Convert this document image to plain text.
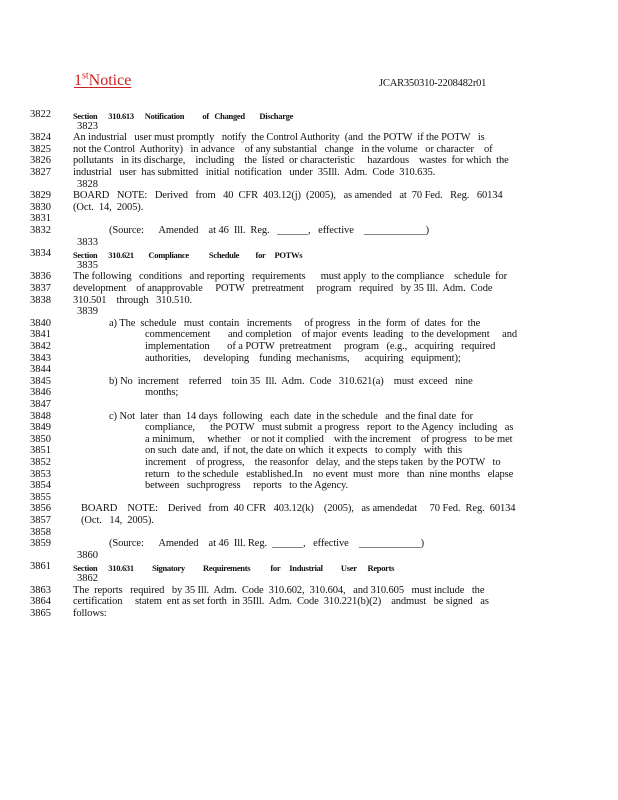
1stNotice	JCAR350310-2208482r01
3822	Section      310.613      Notification          of   Changed        Discharge
3823
3824 An industrial   user must promptly   notify  the Control Authority  (and  the POTW  if the POTW   is
3825 not the Control  Authority)   in advance    of any substantial   change   in the volume   or character    of
3826 pollutants   in its discharge,    including    the  listed  or characteristic     hazardous    wastes  for which  the
3827 industrial   user  has submitted   initial  notification   under  35Ill.  Adm.  Code  310.635.
3828
3829 BOARD   NOTE:   Derived   from   40  CFR  403.12(j)  (2005),   as amended   at  70 Fed.   Reg.   60134
3830 (Oct.  14,  2005).
3831
3832	(Source:      Amended    at 46  Ill.  Reg.   ______,   effective    ____________)
3833
3834	Section      310.621        Compliance           Schedule         for     POTWs
3835
3836 The following   conditions   and reporting   requirements      must apply  to the compliance    schedule  for
3837 development    of anapprovable     POTW   pretreatment     program   required   by 35 Ill.  Adm.  Code
3838 310.501    through   310.510.
3839
3840	a) The  schedule   must  contain   increments     of progress   in the  form  of  dates  for  the
3841	commencement       and completion    of major  events  leading   to the development     and
3842	implementation       of a POTW  pretreatment     program   (e.g.,   acquiring   required
3843	authorities,     developing    funding  mechanisms,      acquiring   equipment);
3844
3845	b) No  increment    referred    toin 35  Ill.  Adm.  Code   310.621(a)    must  exceed   nine
3846	months;
3847
3848	c) Not  later  than  14 days  following   each  date  in the schedule   and the final date  for
3849	compliance,      the POTW   must submit  a progress   report  to the Agency  including   as
3850	a minimum,     whether    or not it complied    with the increment    of progress   to be met
3851	on such  date and,  if not, the date on which  it expects   to comply   with  this
3852	increment    of progress,    the reasonfor   delay,  and the steps taken  by the POTW   to
3853	return   to the schedule   established.In    no event  must  more   than  nine months   elapse
3854	between   suchprogress     reports   to the Agency.
3855
3856	BOARD    NOTE:    Derived   from  40 CFR   403.12(k)    (2005),   as amendedat     70 Fed.  Reg.  60134
3857	(Oct.   14,  2005).
3858
3859	(Source:      Amended    at 46  Ill. Reg.  ______,   effective    ____________)
3860
3861	Section      310.631          Signatory          Requirements           for     Industrial          User      Reports
3862
3863 The  reports   required   by 35 Ill.  Adm.  Code  310.602,  310.604,   and 310.605   must include   the
3864 certification     statem  ent as set forth  in 35Ill.  Adm.  Code  310.221(b)(2)    andmust   be signed   as
3865 follows:
